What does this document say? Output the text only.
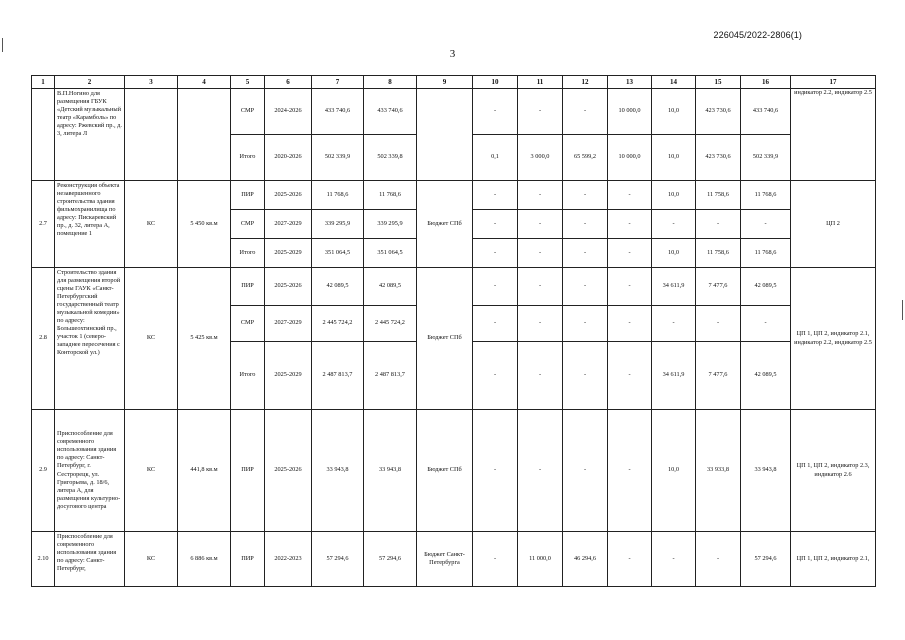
226045/2022-2806(1)
3
1	2	3	4	5	6	7	8	9	10	11	12	13	14	15	16	17
	В.П.Ногино для размещения ГБУК «Детский музыкальный театр «Карамболь» по адресу: Ржевский пр., д. 3, литера Л			СМР	2024-2026	433 740,6	433 740,6		-	-	-	10 000,0	10,0	423 730,6	433 740,6	индикатор 2.2, индикатор 2.5
				Итого	2020-2026	502 339,9	502 339,8		0,1	3 000,0	65 599,2	10 000,0	10,0	423 730,6	502 339,9	
2.7	Реконструкция объекта незавершенного строительства здания фильмохранилища по адресу: Пискаревский пр., д. 32, литера А, помещение 1	КС	5 450 кв.м	ПИР	2025-2026	11 768,6	11 768,6	Бюджет СПб	-	-	-	-	10,0	11 758,6	11 768,6	ЦП 2
				СМР	2027-2029	339 295,9	339 295,9		-	-	-	-	-	-	-	
				Итого	2025-2029	351 064,5	351 064,5		-	-	-	-	10,0	11 758,6	11 768,6	
2.8	Строительство здания для размещения второй сцены ГАУК «Санкт-Петербургский государственный театр музыкальной комедии» по адресу: Большеохтинский пр., участок 1 (северо-западнее пересечения с Конторской ул.)	КС	5 425 кв.м	ПИР	2025-2026	42 089,5	42 089,5	Бюджет СПб	-	-	-	-	34 611,9	7 477,6	42 089,5	ЦП 1, ЦП 2, индикатор 2.1, индикатор 2.2, индикатор 2.5
				СМР	2027-2029	2 445 724,2	2 445 724,2		-	-	-	-	-	-	-	
				Итого	2025-2029	2 487 813,7	2 487 813,7		-	-	-	-	34 611,9	7 477,6	42 089,5	
2.9	Приспособление для современного использования здания по адресу: Санкт-Петербург, г. Сестрорецк, ул. Григорьева, д. 18/6, литера А, для размещения культурно-досугового центра	КС	441,8 кв.м	ПИР	2025-2026	33 943,8	33 943,8	Бюджет СПб	-	-	-	-	10,0	33 933,8	33 943,8	ЦП 1, ЦП 2, индикатор 2.3, индикатор 2.6
2.10	Приспособление для современного использования здания по адресу: Санкт-Петербург,	КС	6 886 кв.м	ПИР	2022-2023	57 294,6	57 294,6	Бюджет Санкт-Петербурга	-	11 000,0	46 294,6	-	-	-	57 294,6	ЦП 1, ЦП 2, индикатор 2.1,
